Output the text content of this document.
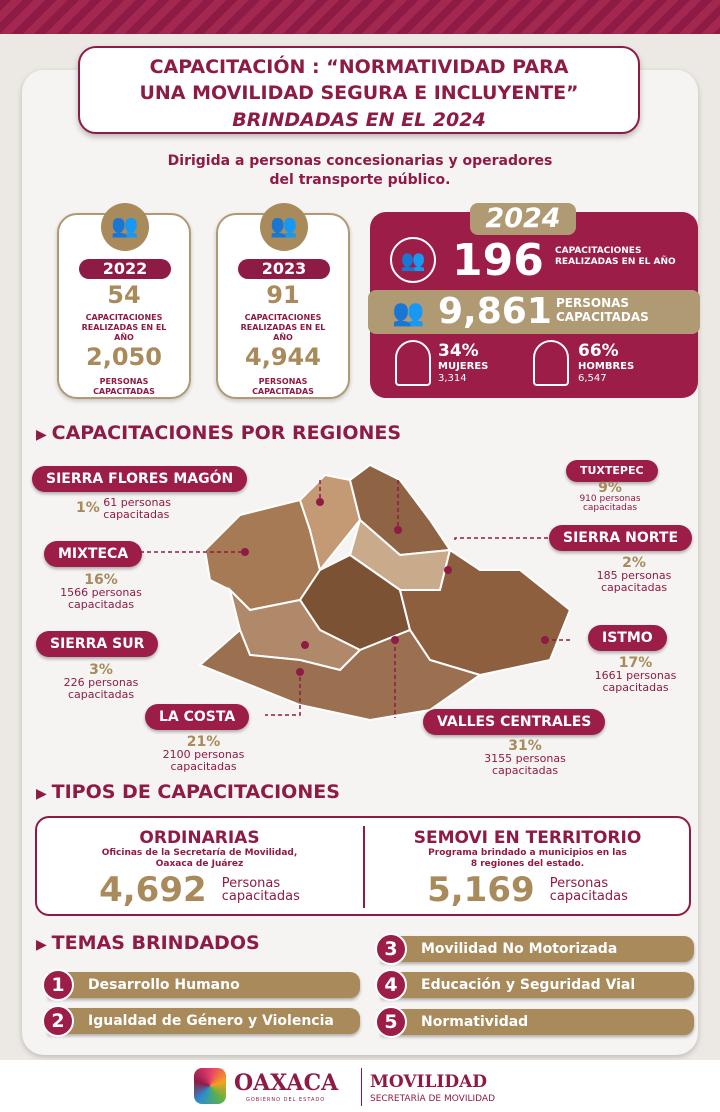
CAPACITACIÓN : “NORMATIVIDAD PARA
UNA MOVILIDAD SEGURA E INCLUYENTE”
BRINDADAS EN EL 2024
Dirigida a personas concesionarias y operadores
del transporte público.
👥
2022
54
CAPACITACIONES REALIZADAS EN EL AÑO
2,050
PERSONAS CAPACITADAS
👥
2023
91
CAPACITACIONES REALIZADAS EN EL AÑO
4,944
PERSONAS CAPACITADAS
2024
👥 196 CAPACITACIONES REALIZADAS EN EL AÑO
👥 9,861 PERSONAS CAPACITADAS
34%
MUJERES
3,314
66%
HOMBRES
6,547
▶ CAPACITACIONES POR REGIONES
SIERRA FLORES MAGÓN
1% 61 personas capacitadas
MIXTECA
16%
1566 personas capacitadas
SIERRA SUR
3%
226 personas capacitadas
LA COSTA
21%
2100 personas capacitadas
TUXTEPEC
9%
910 personas capacitadas
SIERRA NORTE
2%
185 personas capacitadas
ISTMO
17%
1661 personas capacitadas
VALLES CENTRALES
31%
3155 personas capacitadas
▶ TIPOS DE CAPACITACIONES
ORDINARIAS

Oficinas de la Secretaría de Movilidad,

Oaxaca de Juárez

4,692 Personas
capacitadas
SEMOVI EN TERRITORIO

Programa brindado a municipios en las

8 regiones del estado.

5,169 Personas
capacitadas
▶ TEMAS BRINDADOS
1	Desarrollo Humano
2	Igualdad de Género y Violencia
3	Movilidad No Motorizada
4	Educación y Seguridad Vial
5	Normatividad
OAXACA
GOBIERNO DEL ESTADO
MOVILIDAD
SECRETARÍA DE MOVILIDAD
